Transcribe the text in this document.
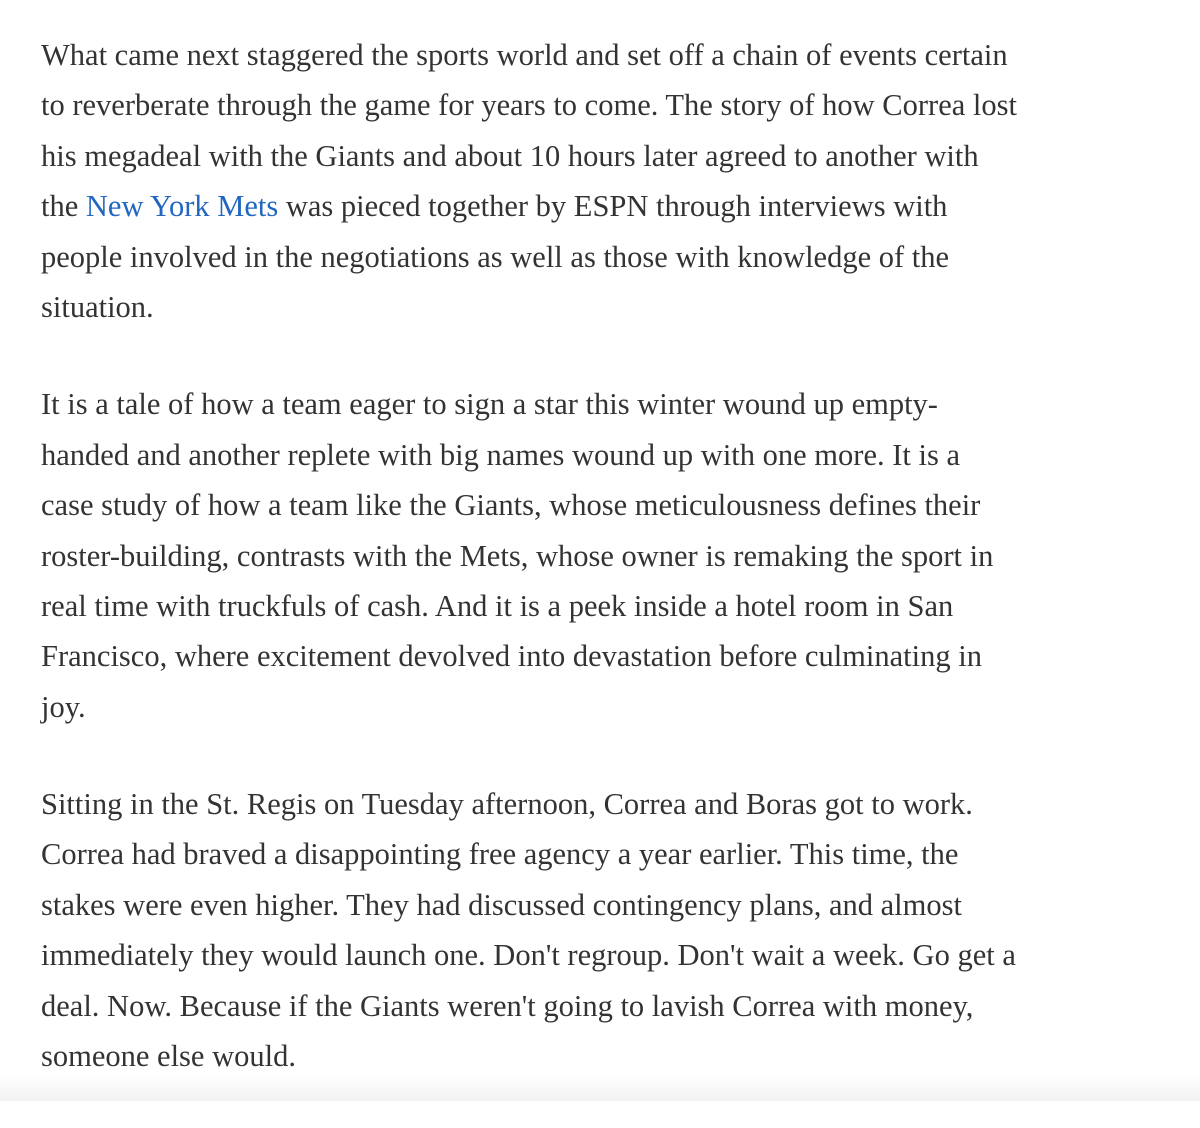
What came next staggered the sports world and set off a chain of events certain
to reverberate through the game for years to come. The story of how Correa lost
his megadeal with the Giants and about 10 hours later agreed to another with
the New York Mets was pieced together by ESPN through interviews with
people involved in the negotiations as well as those with knowledge of the
situation.

It is a tale of how a team eager to sign a star this winter wound up empty-
handed and another replete with big names wound up with one more. It is a
case study of how a team like the Giants, whose meticulousness defines their
roster-building, contrasts with the Mets, whose owner is remaking the sport in
real time with truckfuls of cash. And it is a peek inside a hotel room in San
Francisco, where excitement devolved into devastation before culminating in
joy.

Sitting in the St. Regis on Tuesday afternoon, Correa and Boras got to work.
Correa had braved a disappointing free agency a year earlier. This time, the
stakes were even higher. They had discussed contingency plans, and almost
immediately they would launch one. Don't regroup. Don't wait a week. Go get a
deal. Now. Because if the Giants weren't going to lavish Correa with money,
someone else would.
